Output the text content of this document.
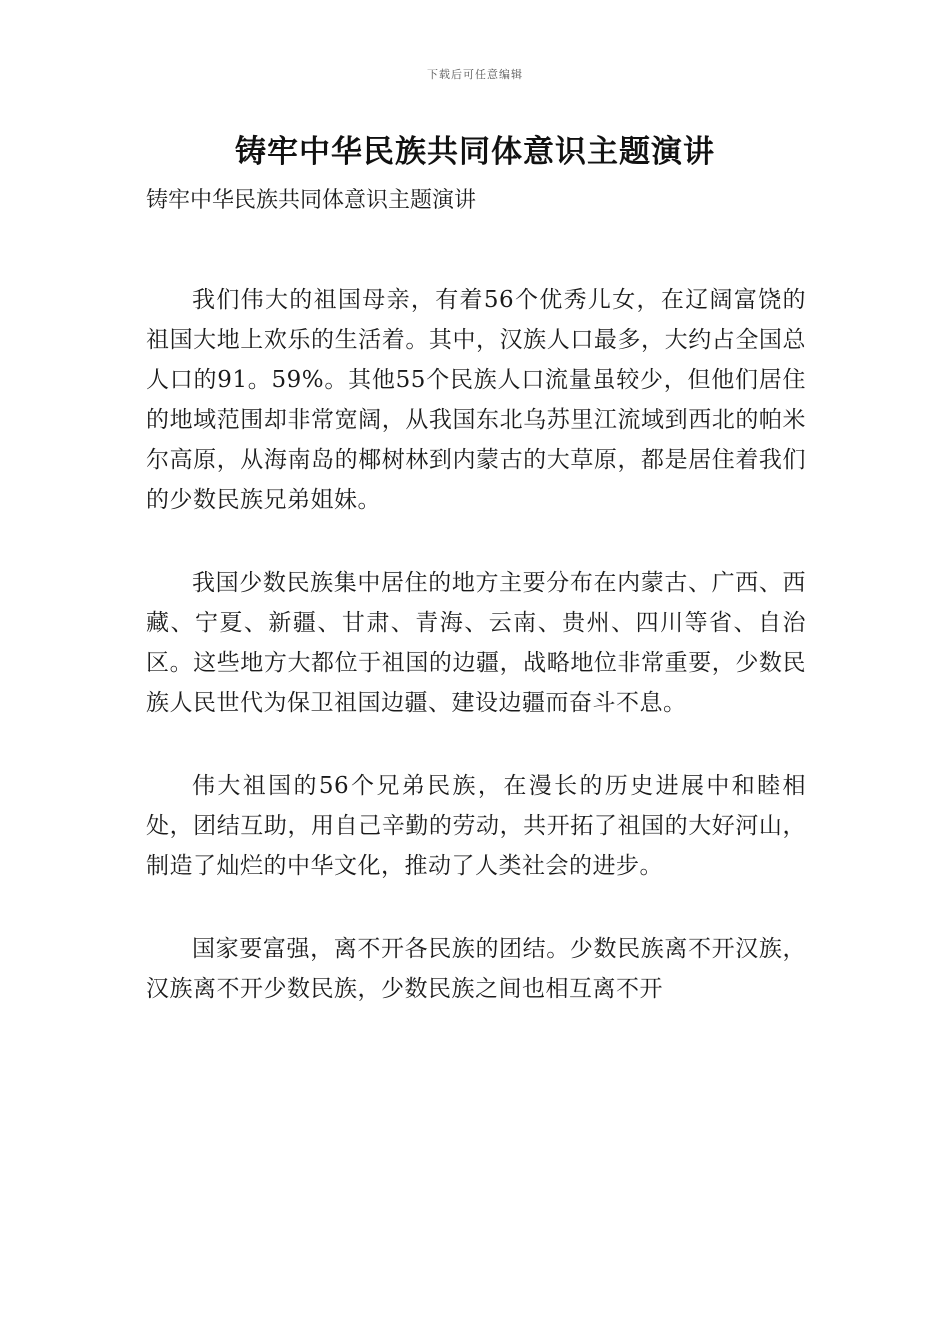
下载后可任意编辑
铸牢中华民族共同体意识主题演讲
铸牢中华民族共同体意识主题演讲

我们伟大的祖国母亲，有着56个优秀儿女，在辽阔富饶的祖国大地上欢乐的生活着。其中，汉族人口最多，大约占全国总人口的91。59%。其他55个民族人口流量虽较少，但他们居住的地域范围却非常宽阔，从我国东北乌苏里江流域到西北的帕米尔高原，从海南岛的椰树林到内蒙古的大草原，都是居住着我们的少数民族兄弟姐妹。

我国少数民族集中居住的地方主要分布在内蒙古、广西、西藏、宁夏、新疆、甘肃、青海、云南、贵州、四川等省、自治区。这些地方大都位于祖国的边疆，战略地位非常重要，少数民族人民世代为保卫祖国边疆、建设边疆而奋斗不息。

伟大祖国的56个兄弟民族，在漫长的历史进展中和睦相处，团结互助，用自己辛勤的劳动，共开拓了祖国的大好河山，制造了灿烂的中华文化，推动了人类社会的进步。

国家要富强，离不开各民族的团结。少数民族离不开汉族，汉族离不开少数民族，少数民族之间也相互离不开
